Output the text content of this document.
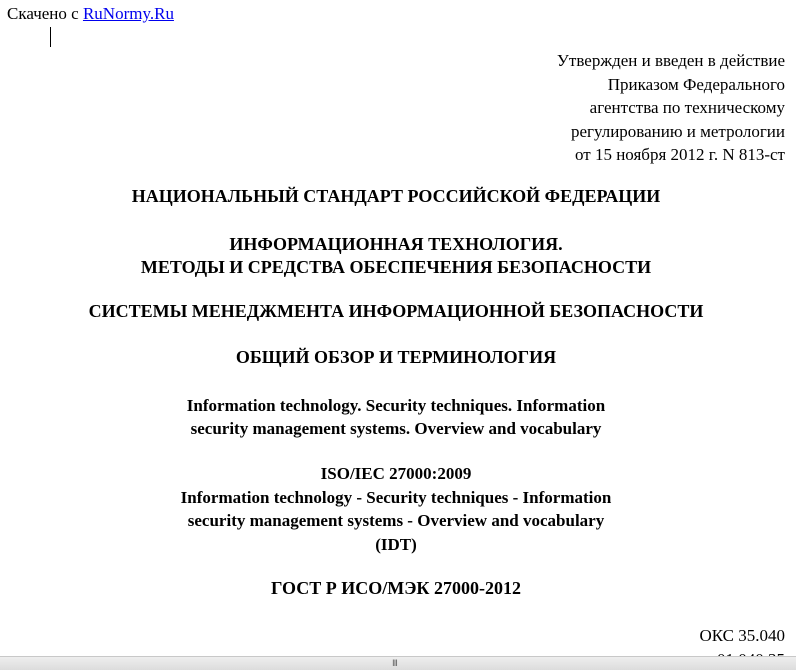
Скачено с RuNormy.Ru
Утвержден и введен в действие
Приказом Федерального
агентства по техническому
регулированию и метрологии
от 15 ноября 2012 г. N 813-ст
НАЦИОНАЛЬНЫЙ СТАНДАРТ РОССИЙСКОЙ ФЕДЕРАЦИИ
ИНФОРМАЦИОННАЯ ТЕХНОЛОГИЯ.
МЕТОДЫ И СРЕДСТВА ОБЕСПЕЧЕНИЯ БЕЗОПАСНОСТИ
СИСТЕМЫ МЕНЕДЖМЕНТА ИНФОРМАЦИОННОЙ БЕЗОПАСНОСТИ
ОБЩИЙ ОБЗОР И ТЕРМИНОЛОГИЯ
Information technology. Security techniques. Information
security management systems. Overview and vocabulary
ISO/IEC 27000:2009
Information technology - Security techniques - Information
security management systems - Overview and vocabulary
(IDT)
ГОСТ Р ИСО/МЭК 27000-2012
ОКС 35.040
III
